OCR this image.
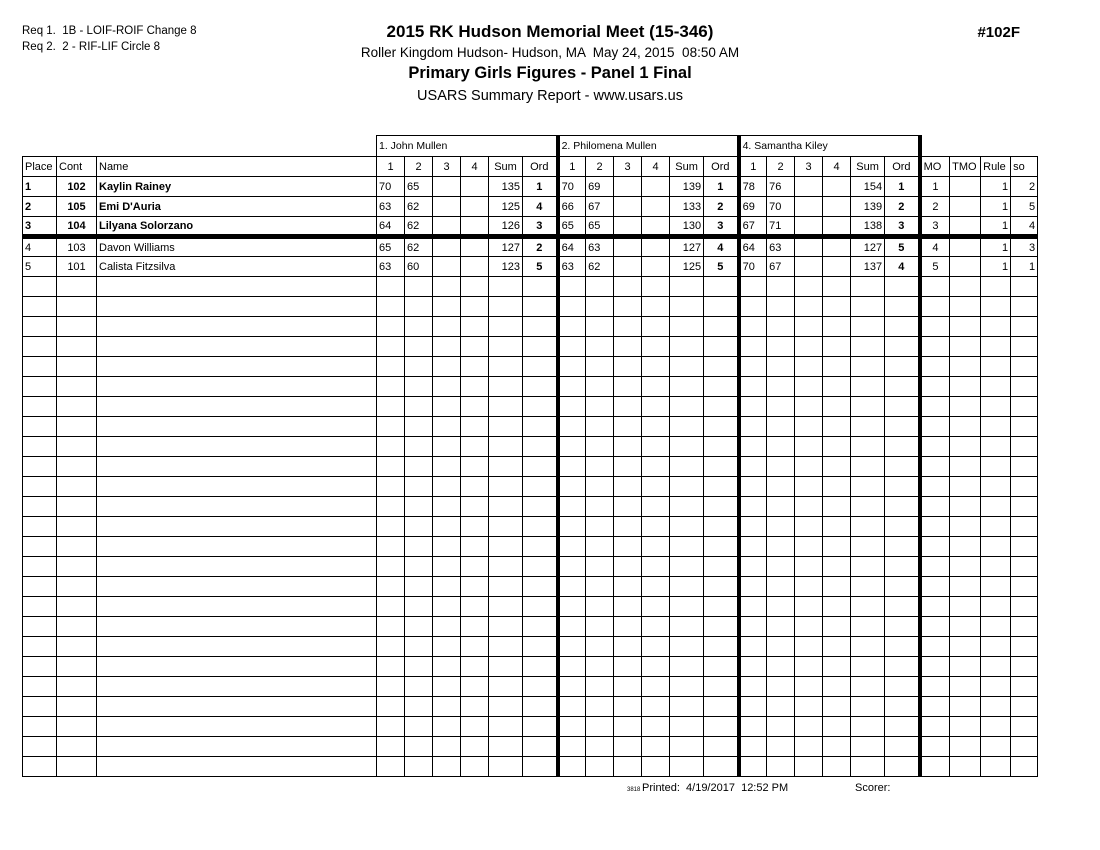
Req 1.  1B - LOIF-ROIF Change 8
Req 2.  2 - RIF-LIF Circle 8
2015 RK Hudson Memorial Meet (15-346)	#102F
Roller Kingdom Hudson- Hudson, MA  May 24, 2015  08:50 AM
Primary Girls Figures - Panel 1 Final
USARS Summary Report - www.usars.us
			1. John Mullen						2. Philomena Mullen						4. Samantha Kiley									
Place	Cont	Name	1	2	3	4	Sum	Ord	1	2	3	4	Sum	Ord	1	2	3	4	Sum	Ord	MO	TMO	Rule	so
1	102	Kaylin Rainey	70	65			135	1	70	69			139	1	78	76			154	1	1		1	2
2	105	Emi D'Auria	63	62			125	4	66	67			133	2	69	70			139	2	2		1	5
3	104	Lilyana Solorzano	64	62			126	3	65	65			130	3	67	71			138	3	3		1	4
4	103	Davon Williams	65	62			127	2	64	63			127	4	64	63			127	5	4		1	3
5	101	Calista Fitzsilva	63	60			123	5	63	62			125	5	70	67			137	4	5		1	1

3818 Printed:  4/19/2017  12:52 PM	Scorer:
